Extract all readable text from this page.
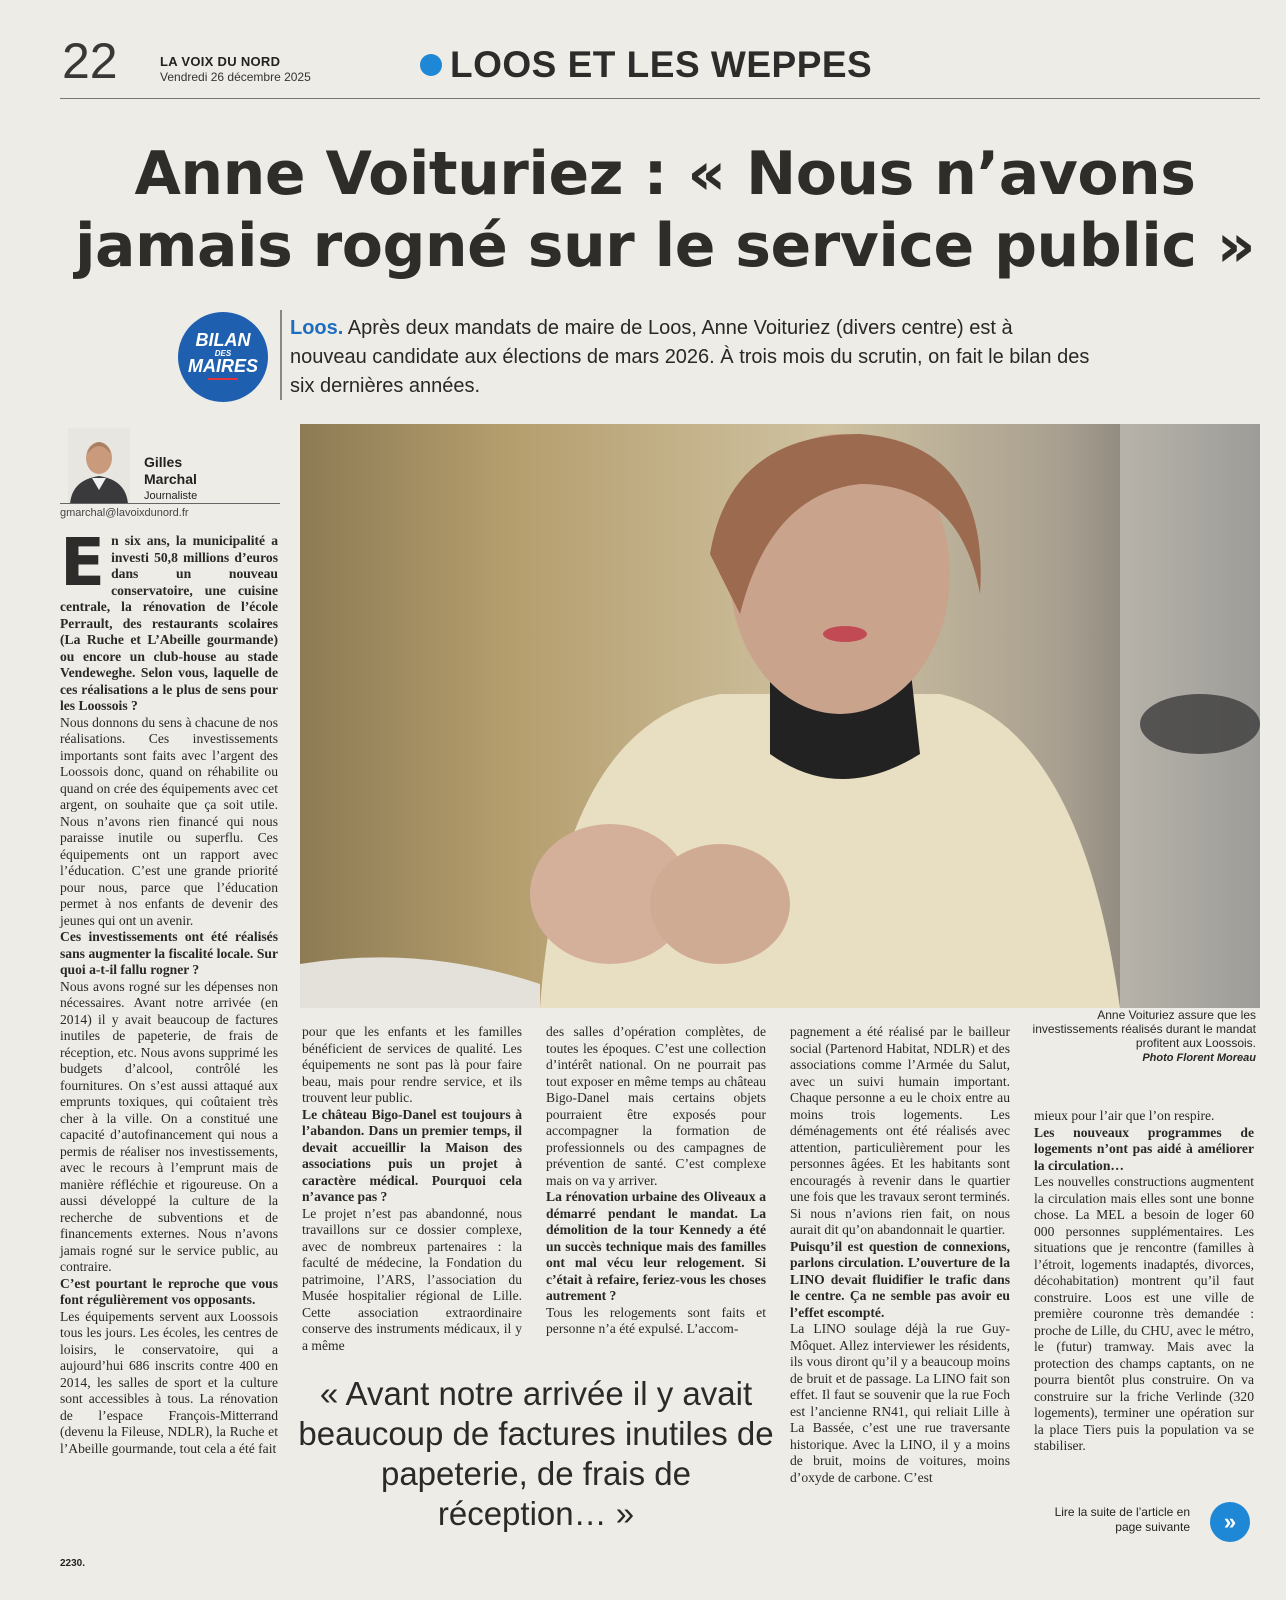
22	LA VOIX DU NORD
Vendredi 26 décembre 2025	LOOS ET LES WEPPES
Anne Voituriez : « Nous n’avons
jamais rogné sur le service public »
BILAN
DES
MAIRES
Loos. Après deux mandats de maire de Loos, Anne Voituriez (divers centre) est à nouveau candidate aux élections de mars 2026. À trois mois du scrutin, on fait le bilan des six dernières années.
Gilles
Marchal
Journaliste
gmarchal@lavoixdunord.fr
Anne Voituriez assure que les investissements réalisés durant le mandat profitent aux Loossois.
Photo Florent Moreau
E n six ans, la municipalité a investi 50,8 millions d’euros dans un nouveau conservatoire, une cuisine centrale, la rénovation de l’école Perrault, des restaurants scolaires (La Ruche et L’Abeille gourmande) ou encore un club-house au stade Vendeweghe. Selon vous, laquelle de ces réalisations a le plus de sens pour les Loossois ?

Nous donnons du sens à chacune de nos réalisations. Ces investissements importants sont faits avec l’argent des Loossois donc, quand on réhabilite ou quand on crée des équipements avec cet argent, on souhaite que ça soit utile. Nous n’avons rien financé qui nous paraisse inutile ou superflu. Ces équipements ont un rapport avec l’éducation. C’est une grande priorité pour nous, parce que l’éducation permet à nos enfants de devenir des jeunes qui ont un avenir.

Ces investissements ont été réalisés sans augmenter la fiscalité locale. Sur quoi a-t-il fallu rogner ?

Nous avons rogné sur les dépenses non nécessaires. Avant notre arrivée (en 2014) il y avait beaucoup de factures inutiles de papeterie, de frais de réception, etc. Nous avons supprimé les budgets d’alcool, contrôlé les fournitures. On s’est aussi attaqué aux emprunts toxiques, qui coûtaient très cher à la ville. On a constitué une capacité d’autofinancement qui nous a permis de réaliser nos investissements, avec le recours à l’emprunt mais de manière réfléchie et rigoureuse. On a aussi développé la culture de la recherche de subventions et de financements externes. Nous n’avons jamais rogné sur le service public, au contraire.

C’est pourtant le reproche que vous font régulièrement vos opposants.

Les équipements servent aux Loossois tous les jours. Les écoles, les centres de loisirs, le conservatoire, qui a aujourd’hui 686 inscrits contre 400 en 2014, les salles de sport et la culture sont accessibles à tous. La rénovation de l’espace François-Mitterrand (devenu la Fileuse, NDLR), la Ruche et l’Abeille gourmande, tout cela a été fait

pour que les enfants et les familles bénéficient de services de qualité. Les équipements ne sont pas là pour faire beau, mais pour rendre service, et ils trouvent leur public.

Le château Bigo-Danel est toujours à l’abandon. Dans un premier temps, il devait accueillir la Maison des associations puis un projet à caractère médical. Pourquoi cela n’avance pas ?

Le projet n’est pas abandonné, nous travaillons sur ce dossier complexe, avec de nombreux partenaires : la faculté de médecine, la Fondation du patrimoine, l’ARS, l’association du Musée hospitalier régional de Lille. Cette association extraordinaire conserve des instruments médicaux, il y a même

des salles d’opération complètes, de toutes les époques. C’est une collection d’intérêt national. On ne pourrait pas tout exposer en même temps au château Bigo-Danel mais certains objets pourraient être exposés pour accompagner la formation de professionnels ou des campagnes de prévention de santé. C’est complexe mais on va y arriver.

La rénovation urbaine des Oliveaux a démarré pendant le mandat. La démolition de la tour Kennedy a été un succès technique mais des familles ont mal vécu leur relogement. Si c’était à refaire, feriez-vous les choses autrement ?

Tous les relogements sont faits et personne n’a été expulsé. L’accom-

pagnement a été réalisé par le bailleur social (Partenord Habitat, NDLR) et des associations comme l’Armée du Salut, avec un suivi humain important. Chaque personne a eu le choix entre au moins trois logements. Les déménagements ont été réalisés avec attention, particulièrement pour les personnes âgées. Et les habitants sont encouragés à revenir dans le quartier une fois que les travaux seront terminés. Si nous n’avions rien fait, on nous aurait dit qu’on abandonnait le quartier.

Puisqu’il est question de connexions, parlons circulation. L’ouverture de la LINO devait fluidifier le trafic dans le centre. Ça ne semble pas avoir eu l’effet escompté.

La LINO soulage déjà la rue Guy-Môquet. Allez interviewer les résidents, ils vous diront qu’il y a beaucoup moins de bruit et de passage. La LINO fait son effet. Il faut se souvenir que la rue Foch est l’ancienne RN41, qui reliait Lille à La Bassée, c’est une rue traversante historique. Avec la LINO, il y a moins de bruit, moins de voitures, moins d’oxyde de carbone. C’est

mieux pour l’air que l’on respire.

Les nouveaux programmes de logements n’ont pas aidé à améliorer la circulation…

Les nouvelles constructions augmentent la circulation mais elles sont une bonne chose. La MEL a besoin de loger 60 000 personnes supplémentaires. Les situations que je rencontre (familles à l’étroit, logements inadaptés, divorces, décohabitation) montrent qu’il faut construire. Loos est une ville de première couronne très demandée : proche de Lille, du CHU, avec le métro, le (futur) tramway. Mais avec la protection des champs captants, on ne pourra bientôt plus construire. On va construire sur la friche Verlinde (320 logements), terminer une opération sur la place Tiers puis la population va se stabiliser.

« Avant notre arrivée il y avait beaucoup de factures inutiles de papeterie, de frais de réception… »	Lire la suite de l’article en page suivante	»
2230.
